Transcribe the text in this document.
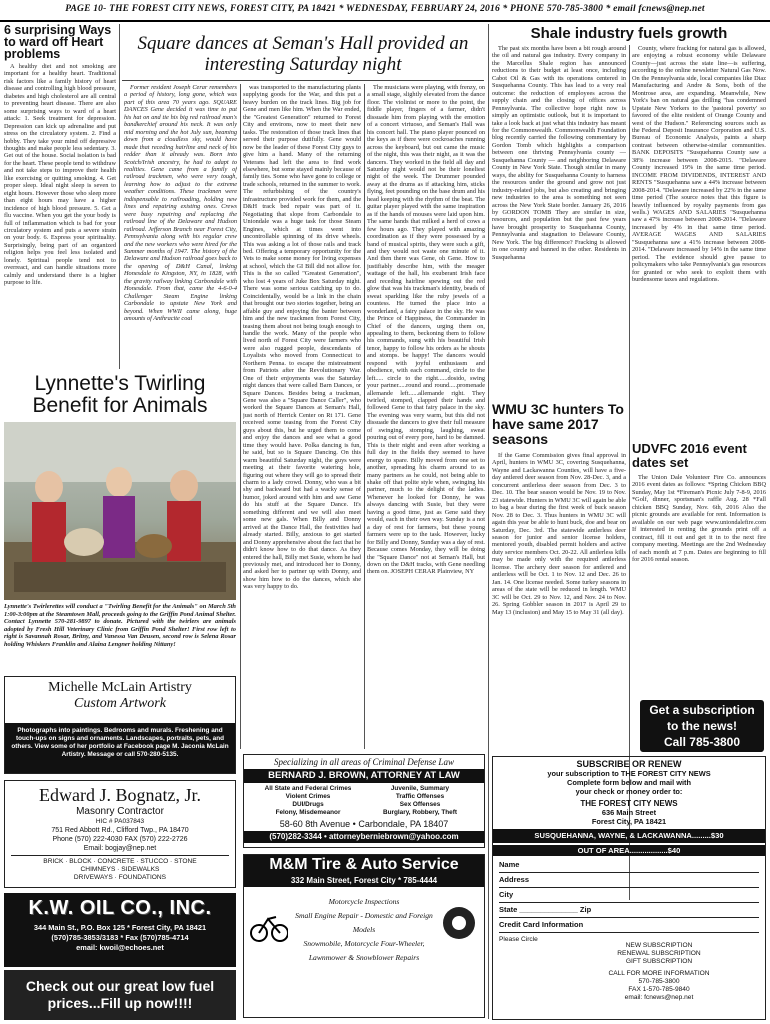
PAGE 10- THE FOREST CITY NEWS, FOREST CITY, PA 18421 * WEDNESDAY, FEBRUARY 24, 2016 * PHONE 570-785-3800 * email fcnews@nep.net
6 surprising Ways to ward off Heart problems

A healthy diet and not smoking are important for a healthy heart. Traditional risk factors like a family history of heart disease and controlling high blood pressure, diabetes and high cholesterol are all central to preventing heart disease. There are also some surprising ways to ward of a heart attack: 1. Seek treatment for depression. Depression can kick up adrenaline and put stress on the circulatory system. 2. Find a hobby. They take your mind off depressive thoughts and make people less sedentary. 3. Get out of the house. Social isolation is bad for the heart. These people tend to withdraw and not take steps to improve their health like exercising or quitting smoking. 4. Get proper sleep. Ideal night sleep is seven to eight hours. However those who sleep more than eight hours may have a higher incidence of high blood pressure. 5. Get a flu vaccine. When you get the your body is full of inflammation which is bad for your circulatory system and puts a severe strain on your body. 6. Express your spirituality. Surprisingly, being part of an organized religion helps you feel less isolated and lonely. Spiritual people tend not to overreact, and can handle situations more calmly and understand there is a higher purpose to life.

Square dances at Seman's Hall provided an interesting Saturday night
Lynnette's Twirling Benefit for Animals
Lynnette's Twirlerettes will conduct a "Twirling Benefit for the Animals" on March 5th 1:00-3:00pm at the Steamtown Mall, proceeds going to the Griffin Pond Animal Shelter. Contact Lynnette 570-281-9897 to donate. Pictured with the twirlers are animals adopted by Fresh Hill Veterinary Clinic from Griffin Pond Shelter! First row left to right is Savannah Rosar, Britny, and Vanessa Van Deusen, second row is Selena Rosar holding Whiskers Franklin and Alaina Lengner holding Nittany!
Michelle McLain Artistry
Custom Artwork
Photographs into paintings. Bedrooms and murals. Freshening and touch-ups on signs and ornaments. Landscapes, portraits, pets, and others. View some of her portfolio at Facebook page M. Jaconia McLain Artistry. Message or call 570-280-5135.
Edward J. Bognatz, Jr.
Masonry Contractor
HIC # PA037843
751 Red Abbott Rd., Clifford Twp., PA 18470
Phone (570) 222-4030 FAX (570) 222-2726
Email: bogjay@nep.net
BRICK · BLOCK · CONCRETE · STUCCO · STONE
CHIMNEYS · SIDEWALKS
DRIVEWAYS · FOUNDATIONS
K.W. OIL CO., INC.
344 Main St., P.O. Box 125 * Forest City, PA 18421
(570)785-3853/3183 * Fax (570)785-4714
email: kwoil@echoes.net
Check out our great low fuel prices...Fill up now!!!!

Former resident Joseph Cerar remembers a period of history, long gone, which was part of this area 70 years ago. SQUARE DANCES Gene decided it was time to put his hat on and tie his big red railroad man's bandkerchief around his neck. It was only mid morning and the hot July sun, beaming down from a cloudless sky, would have made that receding hairline and neck of his redder than it already was. Born into Scotch/Irish ancestry, he had to adapt to realities. Gene came from a family of railroad trackmen, who were very tough, learning how to adjust to the extreme weather conditions. These trackmen were indispensable to railroading, holding new lines and repairing existing ones. Crews were busy repairing and replacing the railroad line of the Delaware and Hudson railroad. Jefferson Branch near Forest City, Pennsylvania along with his regular crew and the new workers who were hired for the Summer months of 1947. The history of the Delaware and Hudson railroad goes back to the opening of D&H Canal, linking Honesdale to Kingston, NY, in 1828, with the gravity railway linking Carbondale with Honesdale. From that, came the 4-6-0-4 Challenger Steam Engine linking Carbondale to upstate New York and beyond. When WWII came along, huge amounts of Anthracite coal

was transported to the manufacturing plants supplying goods for the War, and this put a heavy burden on the track lines. Big job for Gene and men like him. When the War ended, the "Greatest Generation" returned to Forest City and environs, now to meet their new tasks. The restoration of those track lines that served their purpose dutifully. Gene would now be the leader of these Forest City guys to give him a hand. Many of the returning Veterans had left the area to find work elsewhere, but some stayed mainly because of family ties. Some who have gone to college or trade schools, returned in the summer to work. The refurbishing of the country's infrastructure provided work for them, and the D&H track bed repair was part of it. Negotiating that slope from Carbondale to Uniondale was a huge task for those Steam Engines, which at times went into uncontrollable spinning of its drive wheels. This was asking a lot of those rails and track bed. Offering a temporary opportunity for the Vets to make some money for living expenses at school, which the GI Bill did not allow for. This is the so called "Greatest Generation", who lost 4 years of Juke Box Saturday night. There was some serious catching up to do. Coincidentally, would be a link in the chain that brought our two stories together, being an affable guy and enjoying the banter between him and the new trackmen from Forest City, teasing them about not being tough enough to handle the work. Many of the people who lived north of Forest City were farmers who were also rugged people, descendants of Loyalists who moved from Connecticut to Northern Penna. to escape the mistreatment from Patriots after the Revolutionary War. One of their enjoyments was the Saturday night dances that were called Barn Dances, or Square Dances. Besides being a trackman, Gene was also a "Square Dance Caller", who worked the Square Dances at Seman's Hall, just north of Herrick Center on Rt 171. Gene received some teasing from the Forest City guys about this, but he urged them to come and enjoy the dances and see what a good time they would have. Polka dancing is fun, he said, but so is Square Dancing. On this warm beautiful Saturday night, the guys were meeting at their favorite watering hole, figuring out where they will go to spread their charm to a lady crowd. Donny, who was a bit shy and backward but had a wacky sense of humor, joked around with him and saw Gene do his stuff at the Square Dance. It's something different and we will also meet some new gals. When Billy and Donny arrived at the Dance Hall, the festivities had already started. Billy, anxious to get started and Donny apprehensive about the fact that he didn't know how to do that dance. As they entered the hall, Billy met Susie, whom he had previously met, and introduced her to Donny, and asked her to partner up with Donny, and show him how to do the dances, which she was very happy to do.

The musicians were playing, with frenzy, on a small stage, slightly elevated from the dance floor. The violinist or more to the point, the fiddle player, fingers of a farmer, didn't dissuade him from playing with the emotion of a concert virtuoso, and Seman's Hall was his concert hall. The piano player pounced on the keys as if there were cockroaches running across the keyboard, but out came the music of the night, this was their night, as it was the dancers. They worked in the field all day and Saturday night would not be their loneliest night of the week. The Drummer pounded away at the drums as if attacking him, sticks flying, feet pounding on the base drum and his head keeping with the rhythm of the beat. The guitar player played with the same inspiration as if the hands of mouses were laid upon him. The same hands that milked a herd of cows a few hours ago. They played with amazing coordination as if they were possessed by a band of musical spirits, they were such a gift, and they would not waste one minute of it. And then there was Gene, oh Gene. How to justifiably describe him, with the meager wattage of the hall, his exuberant Irish face and receding hairline spewing out the red glow that was his trackman's identity, beads of sweat sparkling like the ruby jewels of a countess. He turned the place into a wonderland, a fairy palace in the sky. He was the Prince of Happiness, the Commander in Chief of the dancers, urging them on, appealing to them, beckoning them to follow his commands, sung with his beautiful Irish tenor, happy to follow his orders as he shouts and stomps. be happy! The dancers would respond with joyful enthusiasm and obedience, with each command, circle to the left..... circle to the right......dosido, swing your partner.....round and round.....promenade allemande left......allemande right. They twirled, stomped, clapped their hands and followed Gene to that fairy palace in the sky. The evening was very warm, but this did not dissuade the dancers to give their full measure of swinging, stomping, laughing, sweat pouring out of every pore, hard to be damned. This is their night and even after working a full day in the fields they seemed to have energy to spare. Billy moved from one set to another, spreading his charm around to as many partners as he could, not being able to shake off that polite style when, swinging his partner, much to the delight of the ladies. Whenever he looked for Donny, he was always dancing with Susie, but they were having a good time, just as Gene said they would, each in their own way. Sunday is a not a day of rest for farmers, but these young farmers were up to the task. However, lucky for Billy and Donny, Sunday was a day of rest. Because comes Monday, they will be doing the "Square Dance" not at Seman's Hall, but down on the D&H tracks, with Gene needling them on. JOSEPH CERAR Plainview, NY

Specializing in all areas of Criminal Defense Law
BERNARD J. BROWN, ATTORNEY AT LAW
All State and Federal Crimes
Violent Crimes
DUI/Drugs
Felony, Misdemeanor
Juvenile, Summary
Traffic Offenses
Sex Offenses
Burglary, Robbery, Theft
58-60 8th Avenue • Carbondale, PA 18407
(570)282-3344 • attorneyberniebrown@yahoo.com
M&M Tire & Auto Service
332 Main Street, Forest City * 785-4444
Motorcycle Inspections
Small Engine Repair - Domestic and Foreign Models
Snowmobile, Motorcycle Four-Wheeler,
Lawnmower & Snowblower Repairs
Shale industry fuels growth

The past six months have been a bit rough around the oil and natural gas industry. Every company in the Marcellus Shale region has announced reductions to their budget at least once, including Cabot Oil & Gas with its operations centered in Susquehanna County. This has lead to a very real outcome: the reduction of employees across the supply chain and the closing of offices across Pennsylvania. The collective hope right now is simply an optimistic outlook, but it is important to take a look back at just what this industry has meant for the Commonwealth. Commonwealth Foundation blog recently carried the following commentary by Gordon Tomb which highlights a comparison between one thriving Pennsylvania county — Susquehanna County — and neighboring Delaware County in New York State. Though similar in many ways, the ability for Susquehanna County to harness the resources under the ground and grow not just industry-related jobs, but also creating and bringing new industries to the area is something not seen across the New York State border. January 26, 2016 by GORDON TOMB They are similar in size, resources, and population but the past few years have brought prosperity to Susquehanna County, Pennsylvania and stagnation to Delaware County, New York. The big difference? Fracking is allowed in one county and banned in the other. Residents in Susquehanna

County, where fracking for natural gas is allowed, are enjoying a robust economy while Delaware County—just across the state line—is suffering, according to the online newsletter Natural Gas Now. On the Pennsylvania side, local companies like Diaz Manufacturing and Andre & Sons, both of the Montrose area, are expanding. Meanwhile, New York's ban on natural gas drilling "has condemned Upstate New Yorkers to the 'pastoral poverty' so favored of the elite resident of Orange County and west of the Hudson." Referencing sources such as the Federal Deposit Insurance Corporation and U.S. Bureau of Economic Analysis, paints a sharp contrast between otherwise-similar communities. BANK DEPOSITS "Susquehanna County saw a 38% increase between 2008-2015. "Delaware County increased 19% in the same time period. INCOME FROM DIVIDENDS, INTEREST AND RENTS "Susquehanna saw a 44% increase between 2008-2014. "Delaware increased by 22% in the same time period (The source notes that this figure is heavily influenced by royalty payments from gas wells.) WAGES AND SALARIES "Susquehanna saw a 47% increase between 2008-2014. "Delaware increased by 4% in that same time period. AVERAGE WAGES AND SALARIES "Susquehanna saw a 41% increase between 2008-2014. "Delaware increased by 14% in the same time period. The evidence should give pause to policymakers who take Pennsylvania's gas resources for granted or who seek to exploit them with burdensome taxes and regulations.

WMU 3C hunters To have same 2017 seasons

If the Game Commission gives final approval in April, hunters in WMU 3C, covering Susquehanna, Wayne and Lackawanna Counties, will have a five-day antlered deer season from Nov. 28-Dec. 3, and a concurrent antlerless deer season from Dec. 3 to Dec. 10. The bear season would be Nov. 19 to Nov. 23 statewide. Hunters in WMU 3C will again be able to bag a bear during the first week of buck season Nov. 28 to Dec. 3. Thus hunters in WMU 3C will again this year be able to hunt buck, doe and bear on Saturday, Dec. 3rd. The statewide antlerless deer season for junior and senior license holders, mentored youth, disabled permit holders and active duty service members Oct. 20-22. All antlerless kills may be made only with the required antlerless license. The archery deer season for antlered and antlerless will be Oct. 1 to Nov. 12 and Dec. 26 to Jan. 14. One license needed. Some turkey seasons in areas of the state will be reduced in length. WMU 3C will be Oct. 29 to Nov. 12, and Nov. 24 to Nov. 26. Spring Gobbler season in 2017 is April 29 to May 13 (inclusion) and May 15 to May 31 (all day).

UDVFC 2016 event dates set

The Union Dale Volunteer Fire Co. announces 2016 event dates as follows: *Spring Chicken BBQ Sunday, May 1st *Fireman's Picnic July 7-8-9, 2016 *Golf, dinner, sportsman's raffle Aug. 28 *Fall chicken BBQ Sunday, Nov. 6th, 2016 Also the picnic grounds are available for rent. Information is available on our web page www.uniondalefire.com If interested in renting the grounds print off a contract, fill it out and get it in to the next fire company meeting. Meetings are the 2nd Wednesday of each month at 7 p.m. Dates are beginning to fill for 2016 rental season.

Get a subscription
to the news!
Call 785-3800
SUBSCRIBE OR RENEW
your subscription to THE FOREST CITY NEWS
Complete form below and mail with
your check or money order to:
THE FOREST CITY NEWS
636 Main Street
Forest City, PA 18421
SUSQUEHANNA, WAYNE, & LACKAWANNA.........$30
OUT OF AREA..................$40
Name
Address
City
State ______________ Zip
Credit Card Information
Please Circle
NEW SUBSCRIPTION
RENEWAL SUBSCRIPTION
GIFT SUBSCRIPTION
CALL FOR MORE INFORMATION
570-785-3800
FAX 1-570-785-9840
email: fcnews@nep.net
